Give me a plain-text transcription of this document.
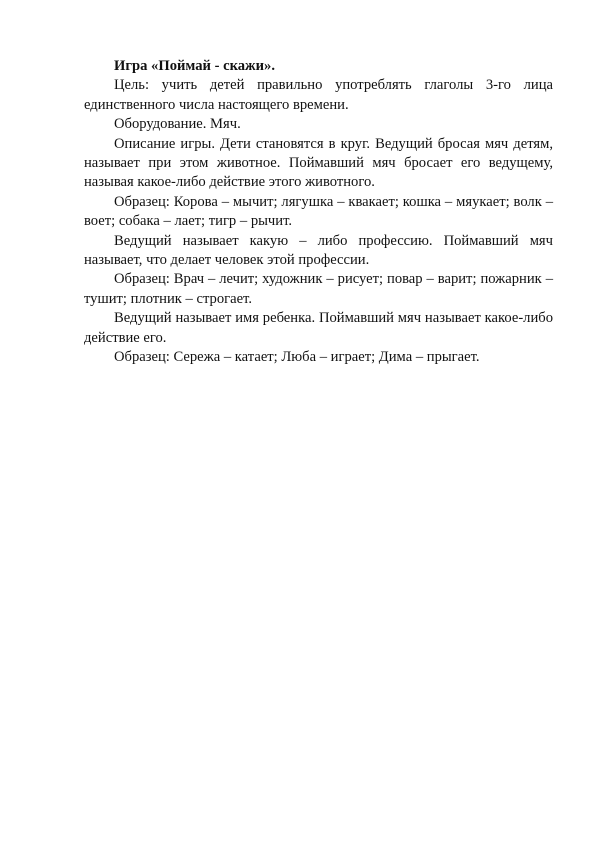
Игра «Поймай - скажи».

Цель: учить детей правильно употреблять глаголы 3-го лица единственного числа настоящего времени.

Оборудование. Мяч.

Описание игры. Дети становятся в круг. Ведущий бросая мяч детям, называет при этом животное. Поймавший мяч бросает его ведущему, называя какое-либо действие этого животного.

Образец: Корова – мычит; лягушка – квакает; кошка – мяукает; волк – воет; собака – лает; тигр – рычит.

Ведущий называет какую – либо профессию. Поймавший мяч называет, что делает человек этой профессии.

Образец: Врач – лечит; художник – рисует; повар – варит; пожарник – тушит; плотник – строгает.

Ведущий называет имя ребенка. Поймавший мяч называет какое-либо действие его.

Образец: Сережа – катает; Люба – играет; Дима – прыгает.
